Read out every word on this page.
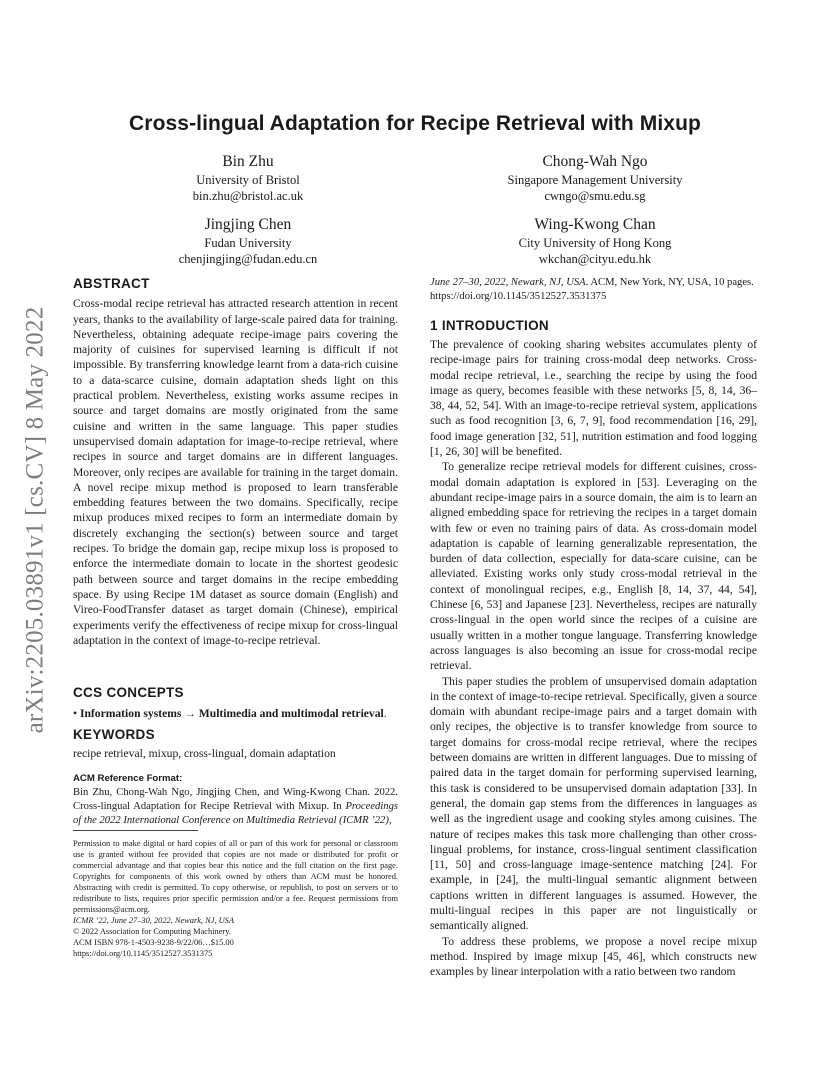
arXiv:2205.03891v1 [cs.CV] 8 May 2022
Cross-lingual Adaptation for Recipe Retrieval with Mixup
Bin Zhu
University of Bristol
bin.zhu@bristol.ac.uk
Chong-Wah Ngo
Singapore Management University
cwngo@smu.edu.sg
Jingjing Chen
Fudan University
chenjingjing@fudan.edu.cn
Wing-Kwong Chan
City University of Hong Kong
wkchan@cityu.edu.hk
ABSTRACT

Cross-modal recipe retrieval has attracted research attention in recent years, thanks to the availability of large-scale paired data for training. Nevertheless, obtaining adequate recipe-image pairs covering the majority of cuisines for supervised learning is difficult if not impossible. By transferring knowledge learnt from a data-rich cuisine to a data-scarce cuisine, domain adaptation sheds light on this practical problem. Nevertheless, existing works assume recipes in source and target domains are mostly originated from the same cuisine and written in the same language. This paper studies unsupervised domain adaptation for image-to-recipe retrieval, where recipes in source and target domains are in different languages. Moreover, only recipes are available for training in the target domain. A novel recipe mixup method is proposed to learn transferable embedding features between the two domains. Specifically, recipe mixup produces mixed recipes to form an intermediate domain by discretely exchanging the section(s) between source and target recipes. To bridge the domain gap, recipe mixup loss is proposed to enforce the intermediate domain to locate in the shortest geodesic path between source and target domains in the recipe embedding space. By using Recipe 1M dataset as source domain (English) and Vireo-FoodTransfer dataset as target domain (Chinese), empirical experiments verify the effectiveness of recipe mixup for cross-lingual adaptation in the context of image-to-recipe retrieval.

CCS CONCEPTS
• Information systems → Multimedia and multimodal retrieval.
KEYWORDS
recipe retrieval, mixup, cross-lingual, domain adaptation
ACM Reference Format:
Bin Zhu, Chong-Wah Ngo, Jingjing Chen, and Wing-Kwong Chan. 2022. Cross-lingual Adaptation for Recipe Retrieval with Mixup. In Proceedings of the 2022 International Conference on Multimedia Retrieval (ICMR ’22),

Permission to make digital or hard copies of all or part of this work for personal or classroom use is granted without fee provided that copies are not made or distributed for profit or commercial advantage and that copies bear this notice and the full citation on the first page. Copyrights for components of this work owned by others than ACM must be honored. Abstracting with credit is permitted. To copy otherwise, or republish, to post on servers or to redistribute to lists, requires prior specific permission and/or a fee. Request permissions from permissions@acm.org.

ICMR ’22, June 27–30, 2022, Newark, NJ, USA

© 2022 Association for Computing Machinery.

ACM ISBN 978-1-4503-9238-9/22/06…$15.00

https://doi.org/10.1145/3512527.3531375

June 27–30, 2022, Newark, NJ, USA. ACM, New York, NY, USA, 10 pages.
https://doi.org/10.1145/3512527.3531375
1 INTRODUCTION

The prevalence of cooking sharing websites accumulates plenty of recipe-image pairs for training cross-modal deep networks. Cross-modal recipe retrieval, i.e., searching the recipe by using the food image as query, becomes feasible with these networks [5, 8, 14, 36–38, 44, 52, 54]. With an image-to-recipe retrieval system, applications such as food recognition [3, 6, 7, 9], food recommendation [16, 29], food image generation [32, 51], nutrition estimation and food logging [1, 26, 30] will be benefited.

To generalize recipe retrieval models for different cuisines, cross-modal domain adaptation is explored in [53]. Leveraging on the abundant recipe-image pairs in a source domain, the aim is to learn an aligned embedding space for retrieving the recipes in a target domain with few or even no training pairs of data. As cross-domain model adaptation is capable of learning generalizable representation, the burden of data collection, especially for data-scare cuisine, can be alleviated. Existing works only study cross-modal retrieval in the context of monolingual recipes, e.g., English [8, 14, 37, 44, 54], Chinese [6, 53] and Japanese [23]. Nevertheless, recipes are naturally cross-lingual in the open world since the recipes of a cuisine are usually written in a mother tongue language. Transferring knowledge across languages is also becoming an issue for cross-modal recipe retrieval.

This paper studies the problem of unsupervised domain adaptation in the context of image-to-recipe retrieval. Specifically, given a source domain with abundant recipe-image pairs and a target domain with only recipes, the objective is to transfer knowledge from source to target domains for cross-modal recipe retrieval, where the recipes between domains are written in different languages. Due to missing of paired data in the target domain for performing supervised learning, this task is considered to be unsupervised domain adaptation [33]. In general, the domain gap stems from the differences in languages as well as the ingredient usage and cooking styles among cuisines. The nature of recipes makes this task more challenging than other cross-lingual problems, for instance, cross-lingual sentiment classification [11, 50] and cross-language image-sentence matching [24]. For example, in [24], the multi-lingual semantic alignment between captions written in different languages is assumed. However, the multi-lingual recipes in this paper are not linguistically or semantically aligned.

To address these problems, we propose a novel recipe mixup method. Inspired by image mixup [45, 46], which constructs new examples by linear interpolation with a ratio between two random
